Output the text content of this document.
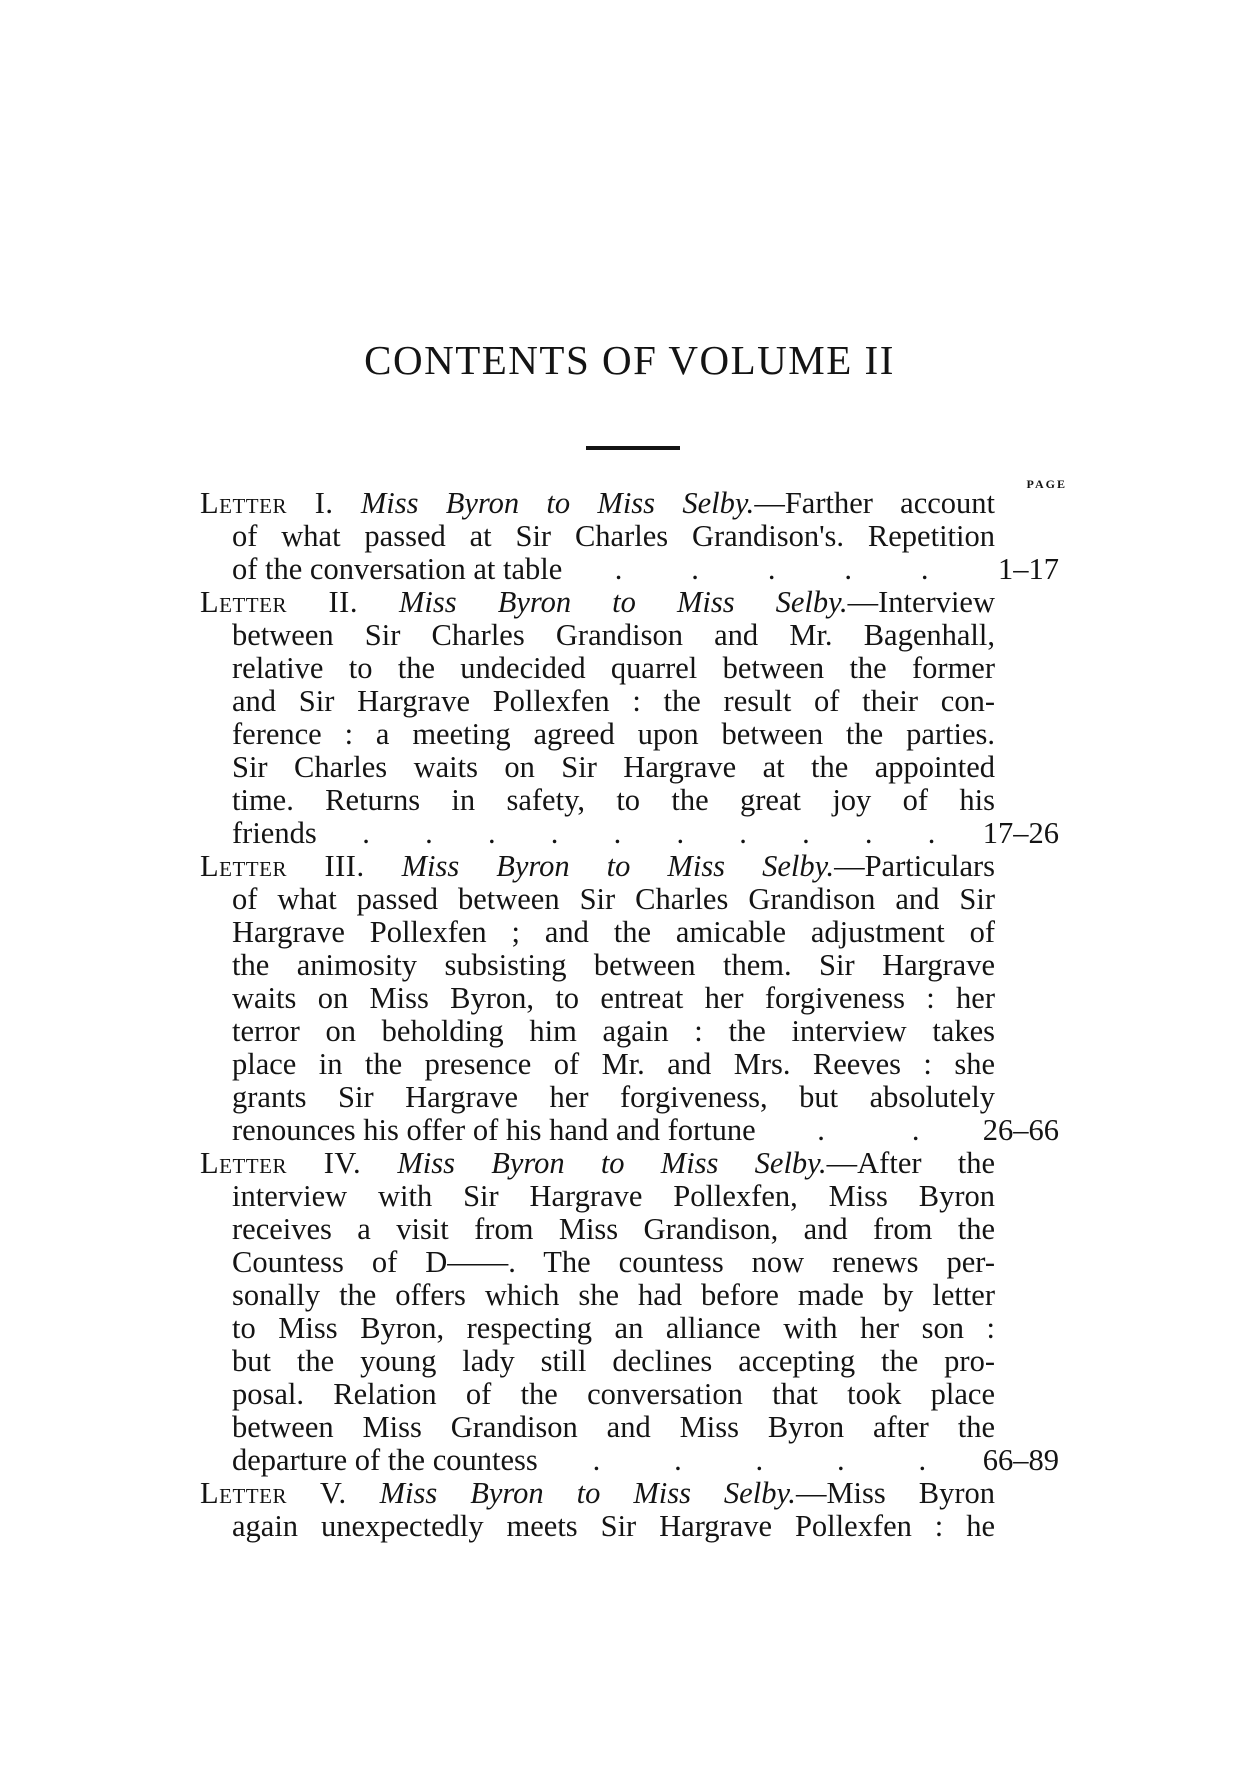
CONTENTS OF VOLUME II
PAGE
Letter I. Miss Byron to Miss Selby.—Farther account
of what passed at Sir Charles Grandison's. Repetition
of the conversation at table . . . . .	1–17
Letter II. Miss Byron to Miss Selby.—Interview
between Sir Charles Grandison and Mr. Bagenhall,
relative to the undecided quarrel between the former
and Sir Hargrave Pollexfen : the result of their con-
ference : a meeting agreed upon between the parties.
Sir Charles waits on Sir Hargrave at the appointed
time. Returns in safety, to the great joy of his
friends . . . . . . . . . . 17–26
Letter III. Miss Byron to Miss Selby.—Particulars
of what passed between Sir Charles Grandison and Sir
Hargrave Pollexfen ; and the amicable adjustment of
the animosity subsisting between them. Sir Hargrave
waits on Miss Byron, to entreat her forgiveness : her
terror on beholding him again : the interview takes
place in the presence of Mr. and Mrs. Reeves : she
grants Sir Hargrave her forgiveness, but absolutely
renounces his offer of his hand and fortune .	. 26–66
Letter IV. Miss Byron to Miss Selby.—After the
interview with Sir Hargrave Pollexfen, Miss Byron
receives a visit from Miss Grandison, and from the
Countess of D——. The countess now renews per-
sonally the offers which she had before made by letter
to Miss Byron, respecting an alliance with her son :
but the young lady still declines accepting the pro-
posal. Relation of the conversation that took place
between Miss Grandison and Miss Byron after the
departure of the countess . . . . . 66–89
Letter V. Miss Byron to Miss Selby.—Miss Byron
again unexpectedly meets Sir Hargrave Pollexfen : he
